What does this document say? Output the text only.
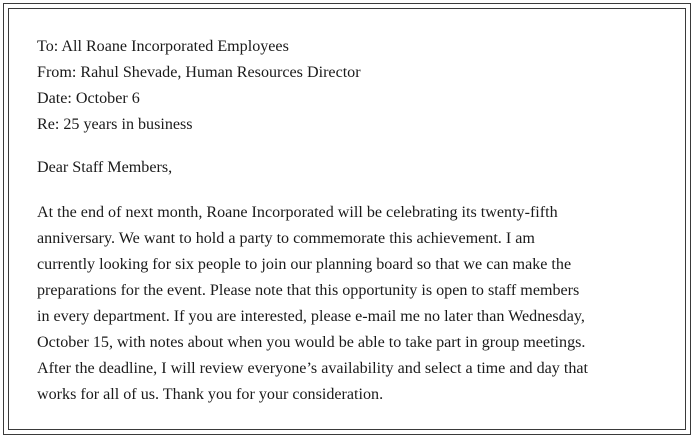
To: All Roane Incorporated Employees
From: Rahul Shevade, Human Resources Director
Date: October 6
Re: 25 years in business
Dear Staff Members,
At the end of next month, Roane Incorporated will be celebrating its twenty-fifth
anniversary. We want to hold a party to commemorate this achievement. I am
currently looking for six people to join our planning board so that we can make the
preparations for the event. Please note that this opportunity is open to staff members
in every department. If you are interested, please e-mail me no later than Wednesday,
October 15, with notes about when you would be able to take part in group meetings.
After the deadline, I will review everyone’s availability and select a time and day that
works for all of us. Thank you for your consideration.
